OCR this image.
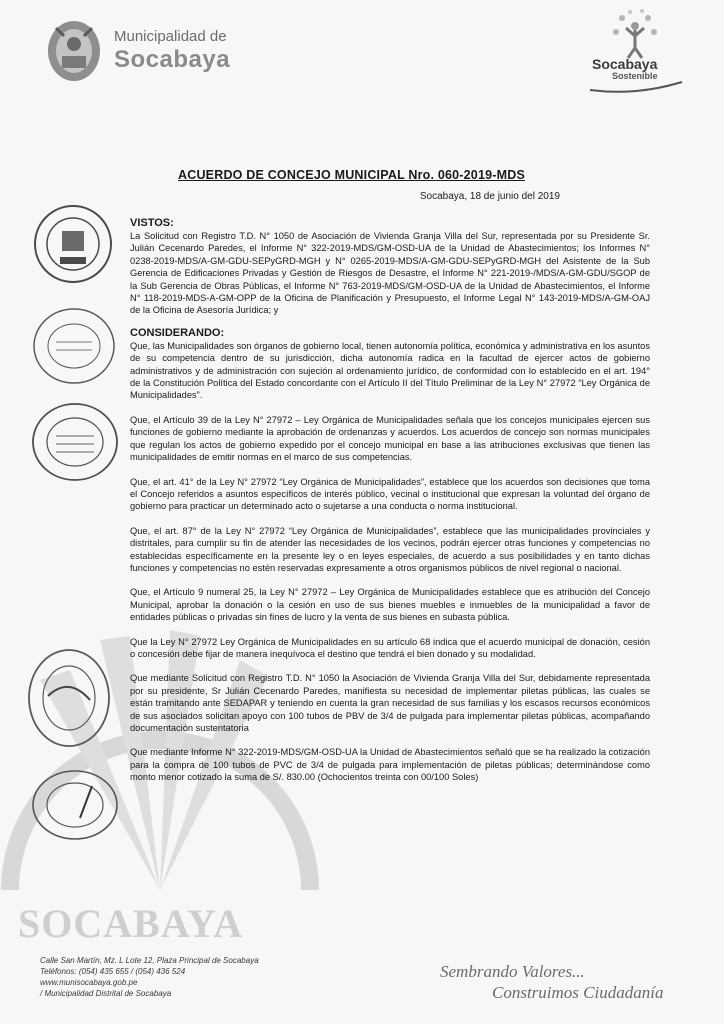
SOCABAYA
Municipalidad de
Socabaya	Socabaya
Sostenible
ACUERDO DE CONCEJO MUNICIPAL Nro. 060-2019-MDS
Socabaya, 18 de junio del 2019

VISTOS:

La Solicitud con Registro T.D. N° 1050 de Asociación de Vivienda Granja Villa del Sur, representada por su Presidente Sr. Julián Cecenardo Paredes, el Informe N° 322-2019-MDS/GM-OSD-UA de la Unidad de Abastecimientos; los Informes N° 0238-2019-MDS/A-GM-GDU-SEPyGRD-MGH y N° 0265-2019-MDS/A-GM-GDU-SEPyGRD-MGH del Asistente de la Sub Gerencia de Edificaciones Privadas y Gestión de Riesgos de Desastre, el Informe N° 221-2019-/MDS/A-GM-GDU/SGOP de la Sub Gerencia de Obras Públicas, el Informe N° 763-2019-MDS/GM-OSD-UA de la Unidad de Abastecimientos, el Informe N° 118-2019-MDS-A-GM-OPP de la Oficina de Planificación y Presupuesto, el Informe Legal N° 143-2019-MDS/A-GM-OAJ de la Oficina de Asesoría Jurídica; y

CONSIDERANDO:

Que, las Municipalidades son órganos de gobierno local, tienen autonomía política, económica y administrativa en los asuntos de su competencia dentro de su jurisdicción, dicha autonomía radica en la facultad de ejercer actos de gobierno administrativos y de administración con sujeción al ordenamiento jurídico, de conformidad con lo establecido en el art. 194° de la Constitución Política del Estado concordante con el Artículo II del Título Preliminar de la Ley N° 27972 “Ley Orgánica de Municipalidades”.

Que, el Artículo 39 de la Ley N° 27972 – Ley Orgánica de Municipalidades señala que los concejos municipales ejercen sus funciones de gobierno mediante la aprobación de ordenanzas y acuerdos. Los acuerdos de concejo son normas municipales que regulan los actos de gobierno expedido por el concejo municipal en base a las atribuciones exclusivas que tienen las municipalidades de emitir normas en el marco de sus competencias.

Que, el art. 41° de la Ley N° 27972 “Ley Orgánica de Municipalidades”, establece que los acuerdos son decisiones que toma el Concejo referidos a asuntos específicos de interés público, vecinal o institucional que expresan la voluntad del órgano de gobierno para practicar un determinado acto o sujetarse a una conducta o norma institucional.

Que, el art. 87° de la Ley N° 27972 “Ley Orgánica de Municipalidades”, establece que las municipalidades provinciales y distritales, para cumplir su fin de atender las necesidades de los vecinos, podrán ejercer otras funciones y competencias no establecidas específicamente en la presente ley o en leyes especiales, de acuerdo a sus posibilidades y en tanto dichas funciones y competencias no estén reservadas expresamente a otros organismos públicos de nivel regional o nacional.

Que, el Artículo 9 numeral 25, la Ley N° 27972 – Ley Orgánica de Municipalidades establece que es atribución del Concejo Municipal, aprobar la donación o la cesión en uso de sus bienes muebles e inmuebles de la municipalidad a favor de entidades públicas o privadas sin fines de lucro y la venta de sus bienes en subasta pública.

Que la Ley N° 27972 Ley Orgánica de Municipalidades en su artículo 68 indica que el acuerdo municipal de donación, cesión o concesión debe fijar de manera inequívoca el destino que tendrá el bien donado y su modalidad.

Que mediante Solicitud con Registro T.D. N° 1050 la Asociación de Vivienda Granja Villa del Sur, debidamente representada por su presidente, Sr Julián Cecenardo Paredes, manifiesta su necesidad de implementar piletas públicas, las cuales se están tramitando ante SEDAPAR y teniendo en cuenta la gran necesidad de sus familias y los escasos recursos económicos de sus asociados solicitan apoyo con 100 tubos de PBV de 3/4 de pulgada para implementar piletas públicas, acompañando documentación sustentatoria

Que mediante Informe N° 322-2019-MDS/GM-OSD-UA la Unidad de Abastecimientos señaló que se ha realizado la cotización para la compra de 100 tubos de PVC de 3/4 de pulgada para implementación de piletas públicas; determinándose como monto menor cotizado la suma de S/. 830.00 (Ochocientos treinta con 00/100 Soles)

Calle San Martín, Mz. L Lote 12, Plaza Principal de Socabaya
Teléfonos: (054) 435 655 / (054) 436 524
www.munisocabaya.gob.pe
/ Municipalidad Distrital de Socabaya
Sembrando Valores...
Construimos Ciudadanía
